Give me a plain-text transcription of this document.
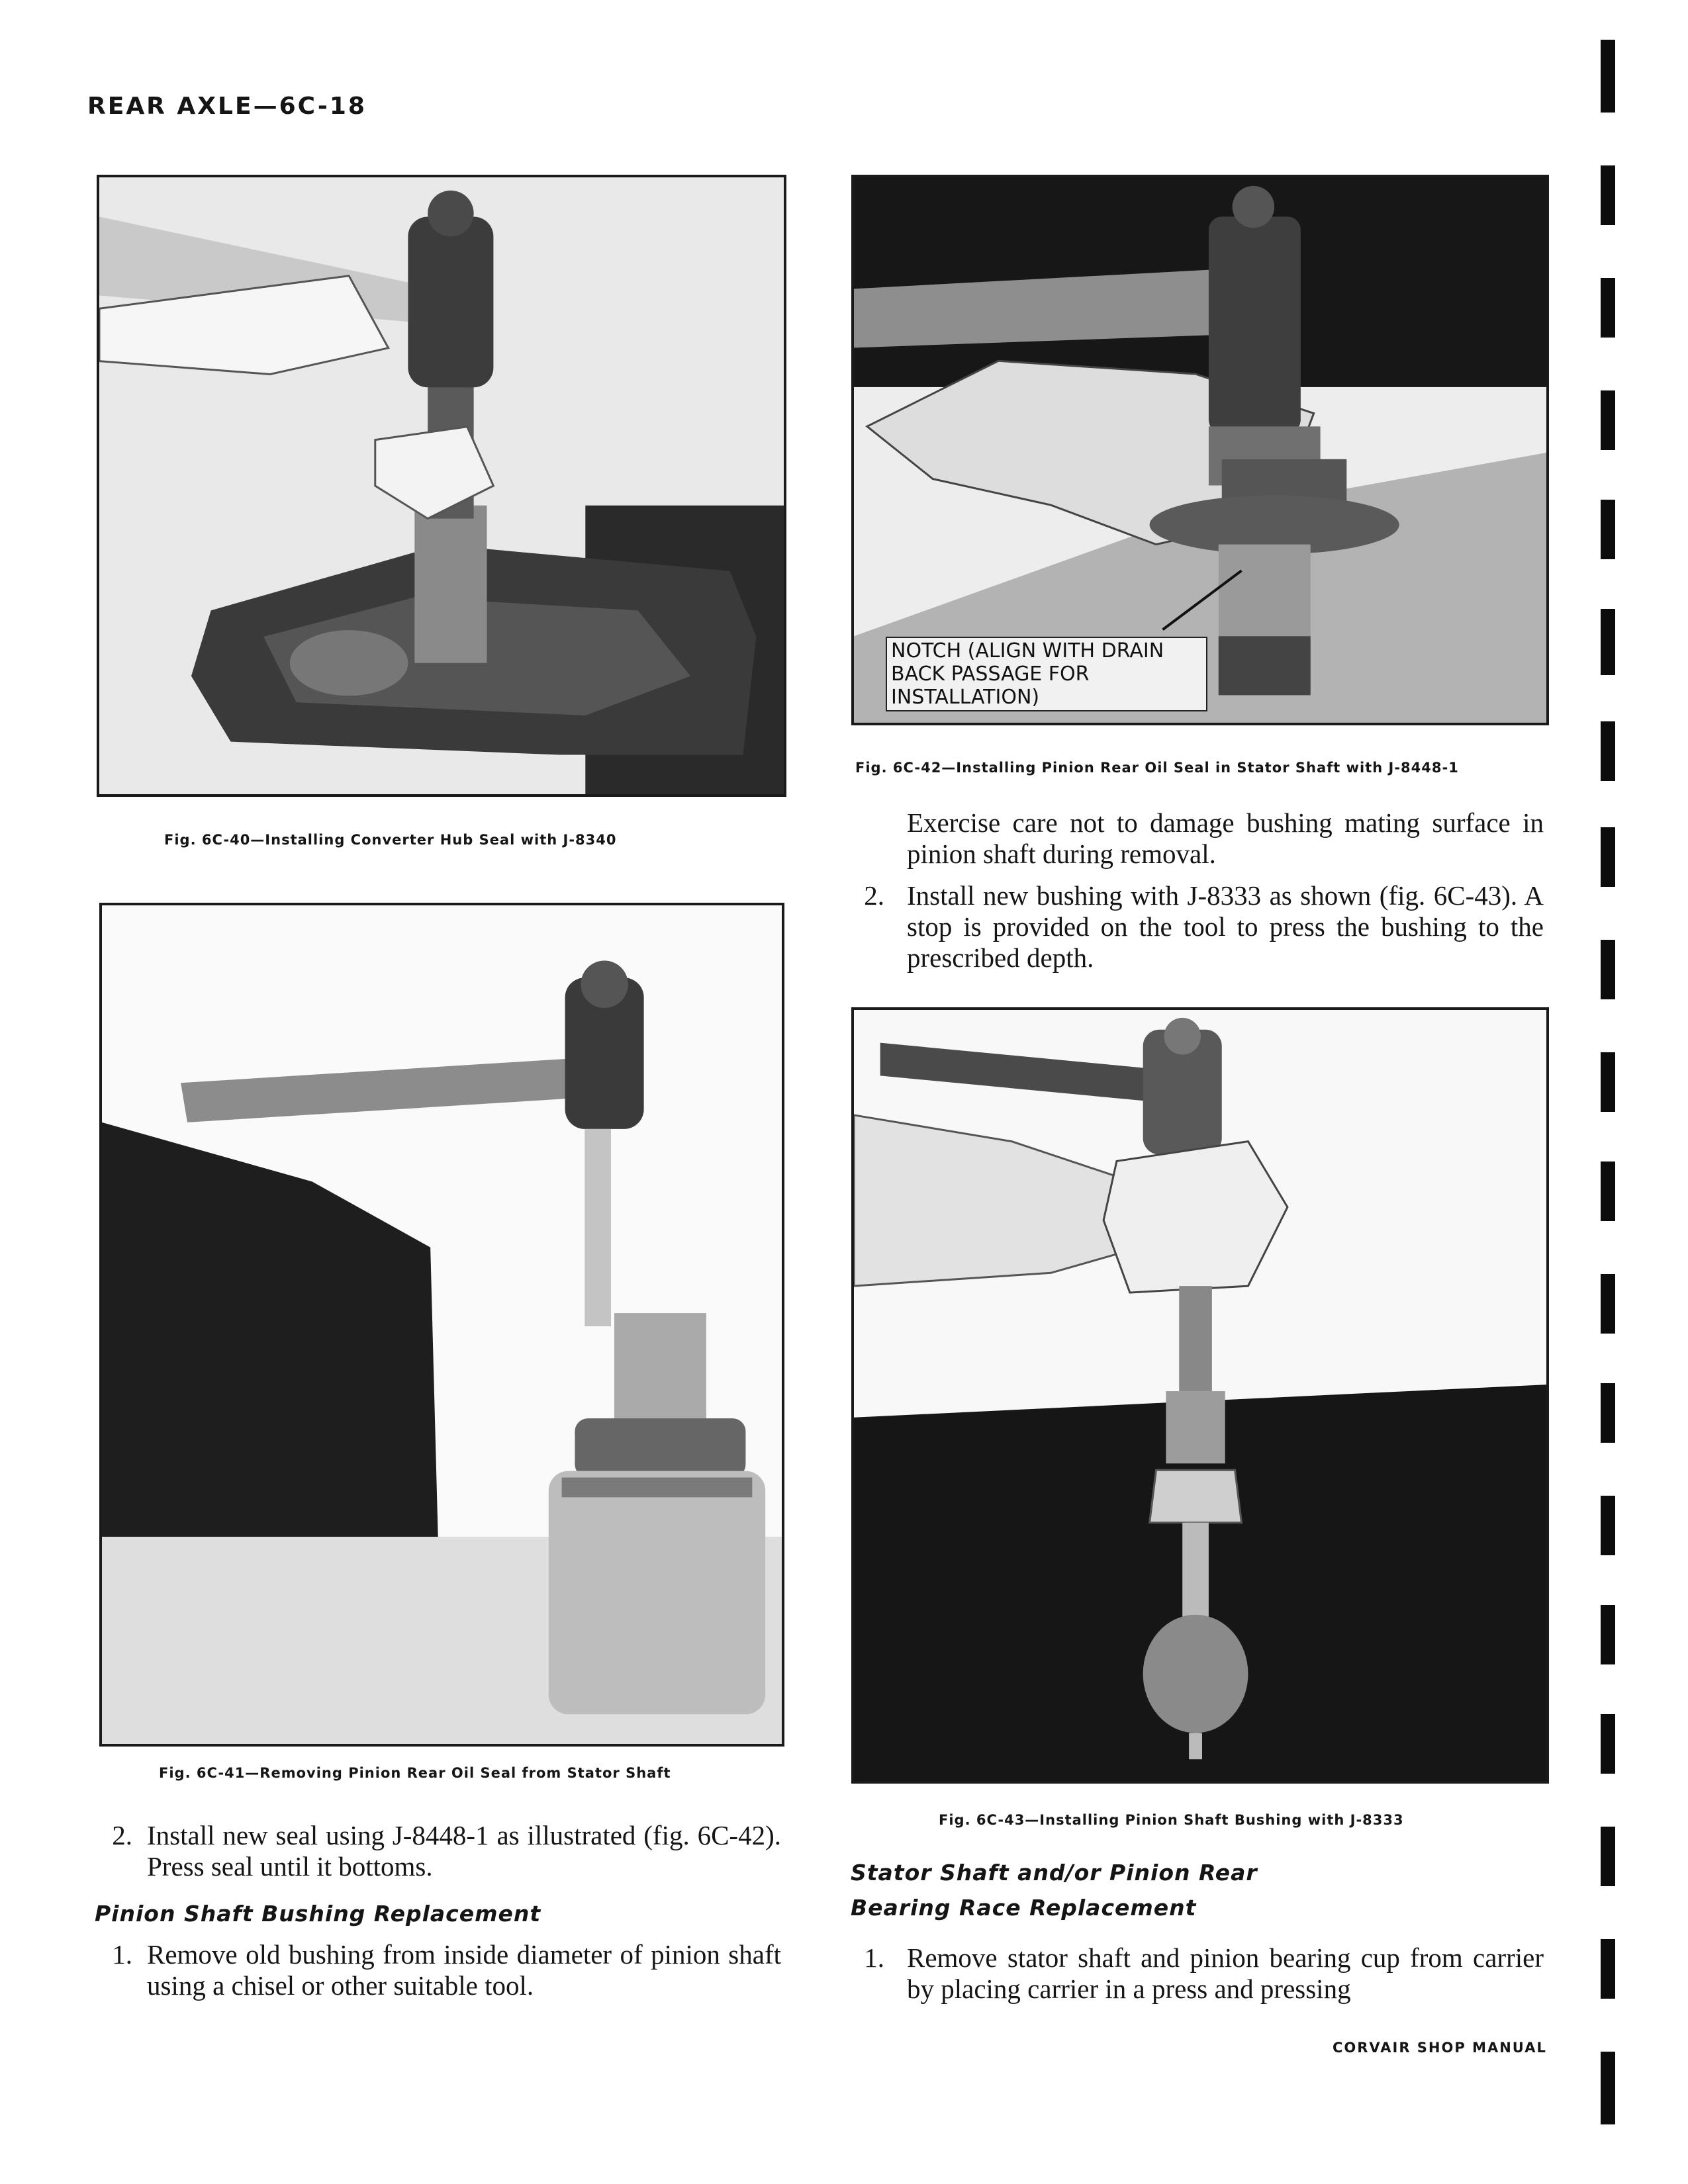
REAR AXLE—6C-18
Fig. 6C-40—Installing Converter Hub Seal with J-8340
Fig. 6C-41—Removing Pinion Rear Oil Seal from Stator Shaft
NOTCH (ALIGN WITH DRAIN
BACK PASSAGE FOR
INSTALLATION)
Fig. 6C-42—Installing Pinion Rear Oil Seal in Stator Shaft with J-8448-1
Fig. 6C-43—Installing Pinion Shaft Bushing with J-8333
2. Install new seal using J-8448-1 as illustrated (fig. 6C-42). Press seal until it bottoms.
Pinion Shaft Bushing Replacement
1. Remove old bushing from inside diameter of pinion shaft using a chisel or other suitable tool.
Exercise care not to damage bushing mating surface in pinion shaft during removal.
2. Install new bushing with J-8333 as shown (fig. 6C-43). A stop is provided on the tool to press the bushing to the prescribed depth.
Stator Shaft and/or Pinion Rear
Bearing Race Replacement
1. Remove stator shaft and pinion bearing cup from carrier by placing carrier in a press and pressing
CORVAIR SHOP MANUAL
